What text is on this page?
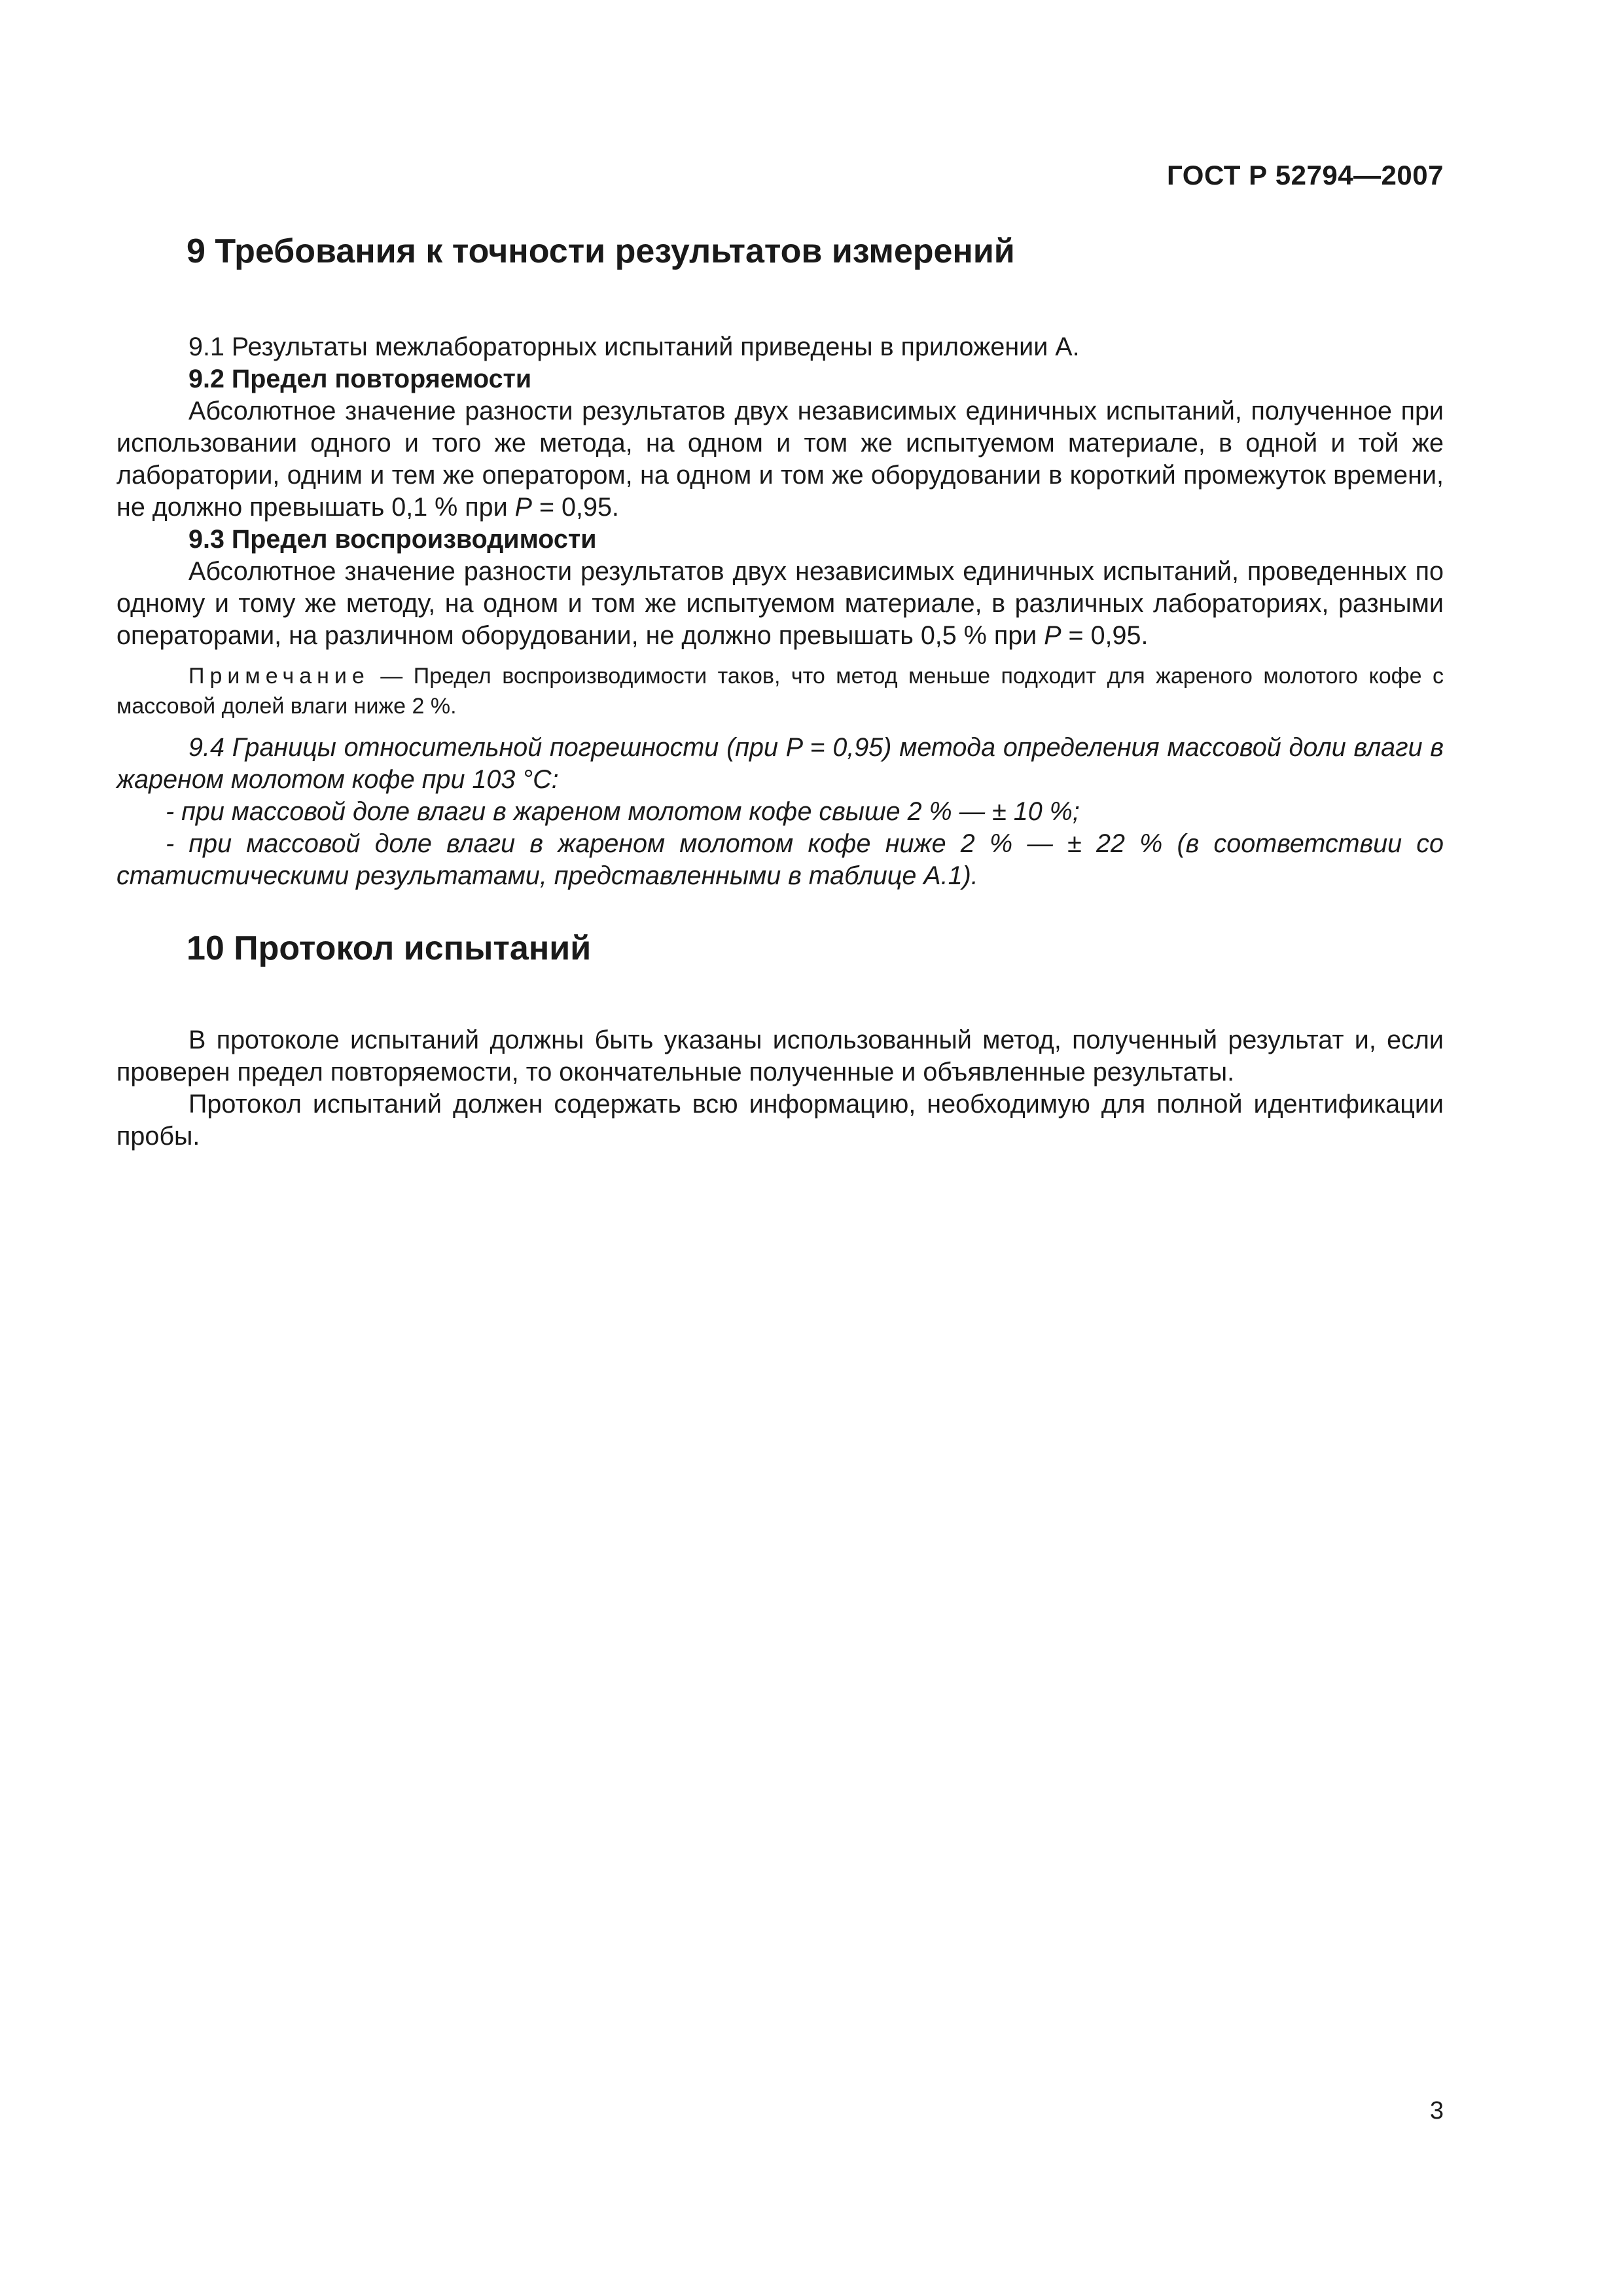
ГОСТ Р 52794—2007
9 Требования к точности результатов измерений

9.1 Результаты межлабораторных испытаний приведены в приложении А.

9.2 Предел повторяемости

Абсолютное значение разности результатов двух независимых единичных испытаний, полученное при использовании одного и того же метода, на одном и том же испытуемом материале, в одной и той же лаборатории, одним и тем же оператором, на одном и том же оборудовании в короткий промежуток времени, не должно превышать 0,1 % при P = 0,95.

9.3 Предел воспроизводимости

Абсолютное значение разности результатов двух независимых единичных испытаний, проведенных по одному и тому же методу, на одном и том же испытуемом материале, в различных лабораториях, разными операторами, на различном оборудовании, не должно превышать 0,5 % при P = 0,95.

Примечание — Предел воспроизводимости таков, что метод меньше подходит для жареного молотого кофе с массовой долей влаги ниже 2 %.

9.4 Границы относительной погрешности (при P = 0,95) метода определения массовой доли влаги в жареном молотом кофе при 103 °С:

- при массовой доле влаги в жареном молотом кофе свыше 2 % — ± 10 %;

- при массовой доле влаги в жареном молотом кофе ниже 2 % — ± 22 % (в соответствии со статистическими результатами, представленными в таблице А.1).

10 Протокол испытаний

В протоколе испытаний должны быть указаны использованный метод, полученный результат и, если проверен предел повторяемости, то окончательные полученные и объявленные результаты.

Протокол испытаний должен содержать всю информацию, необходимую для полной идентификации пробы.

3
